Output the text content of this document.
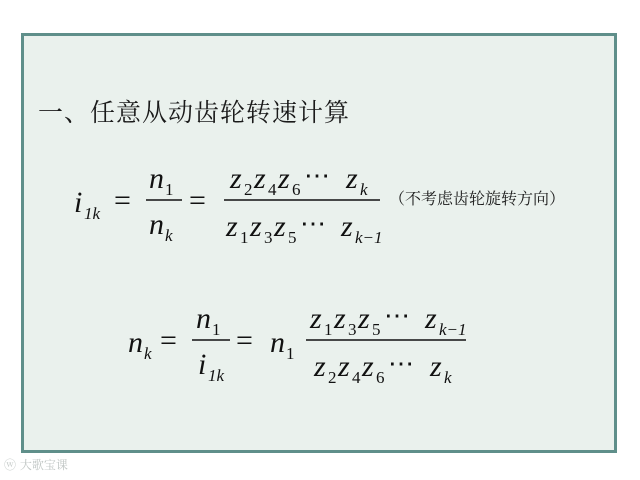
一、任意从动齿轮转速计算
i 1k =
n 1
n k
=
z 2 z 4 z 6 ⋯ z k
z 1 z 3 z 5 ⋯ z k−1
（不考虑齿轮旋转方向）
n k =
n 1
i 1k
= n 1
z 1 z 3 z 5 ⋯ z k−1
z 2 z 4 z 6 ⋯ z k
ⓦ 大歌宝课
